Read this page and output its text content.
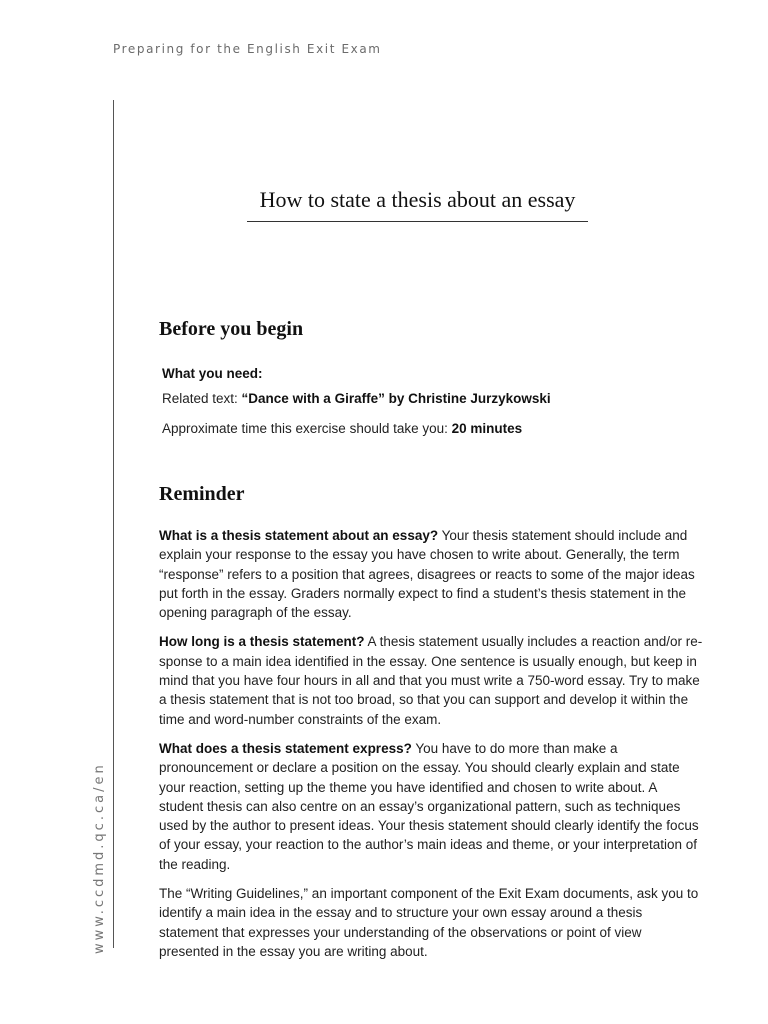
Preparing for the English Exit Exam
www.ccdmd.qc.ca/en
How to state a thesis about an essay
Before you begin
What you need:
Related text: “Dance with a Giraffe” by Christine Jurzykowski
Approximate time this exercise should take you: 20 minutes
Reminder

What is a thesis statement about an essay? Your thesis statement should include and explain your response to the essay you have chosen to write about. Generally, the term “response” refers to a position that agrees, disagrees or reacts to some of the major ideas put forth in the essay. Graders normally expect to find a student’s thesis statement in the opening paragraph of the essay.

How long is a thesis statement? A thesis statement usually includes a reaction and/or response to a main idea identified in the essay. One sentence is usually enough, but keep in mind that you have four hours in all and that you must write a 750-word essay. Try to make a thesis statement that is not too broad, so that you can support and develop it within the time and word-number constraints of the exam.

What does a thesis statement express? You have to do more than make a pronouncement or declare a position on the essay. You should clearly explain and state your reaction, setting up the theme you have identified and chosen to write about. A student thesis can also centre on an essay’s organizational pattern, such as techniques used by the author to present ideas. Your thesis statement should clearly identify the focus of your essay, your reaction to the author’s main ideas and theme, or your interpretation of the reading.

The “Writing Guidelines,” an important component of the Exit Exam documents, ask you to identify a main idea in the essay and to structure your own essay around a thesis statement that expresses your understanding of the observations or point of view presented in the essay you are writing about.
